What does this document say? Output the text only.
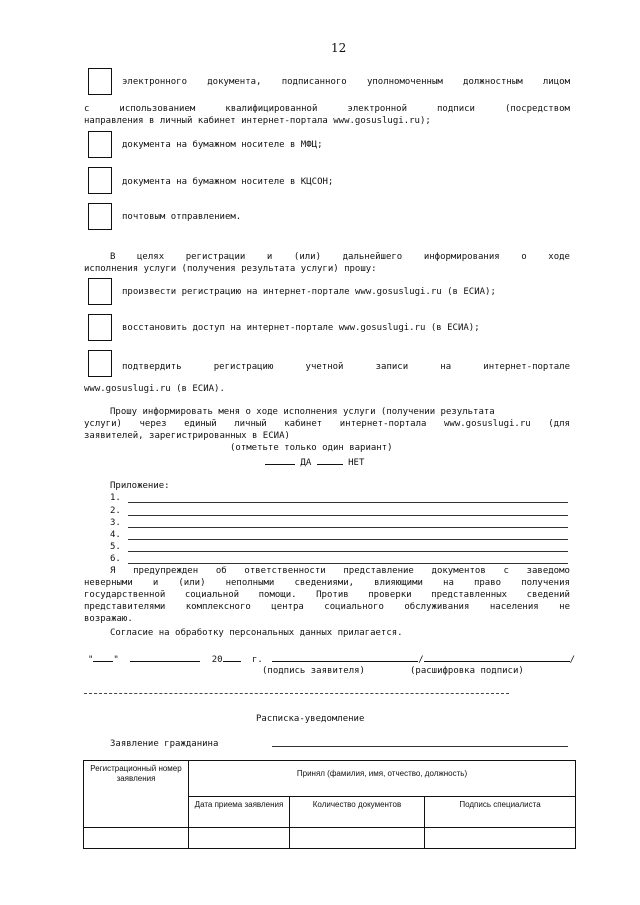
12
электронного документа, подписанного уполномоченным должностным лицом
с	использованием	квалифицированной	электронной	подписи	(посредством
направления в личный кабинет интернет-портала www.gosuslugi.ru);
документа на бумажном носителе в МФЦ;
документа на бумажном носителе в КЦСОН;
почтовым отправлением.
В целях регистрации и (или) дальнейшего информирования о ходе
исполнения услуги (получения результата услуги) прошу:
произвести регистрацию на интернет-портале www.gosuslugi.ru (в ЕСИА);
восстановить доступ на интернет-портале www.gosuslugi.ru (в ЕСИА);
подтвердить	регистрацию	учетной	записи	на	интернет-портале
www.gosuslugi.ru (в ЕСИА).
Прошу информировать меня о ходе исполнения услуги (получении результата
услуги) через единый личный кабинет интернет-портала www.gosuslugi.ru (для
заявителей, зарегистрированных в ЕСИА)
(отметьте только один вариант)
ДА	НЕТ
Приложение:
1.
2.
3.
4.
5.
6.
Я предупрежден об ответственности представление документов с заведомо
неверными и (или) неполными сведениями, влияющими на право получения
государственной социальной помощи. Против проверки представленных сведений
представителями комплексного центра социального обслуживания населения не
возражаю.
Согласие на обработку персональных данных прилагается.
" "	20	г.	/	/
(подпись заявителя)	(расшифровка подписи)
Расписка-уведомление
Заявление гражданина
Регистрационный номер заявления	Принял (фамилия, имя, отчество, должность)		
	Дата приема заявления	Количество документов	Подпись специалиста
